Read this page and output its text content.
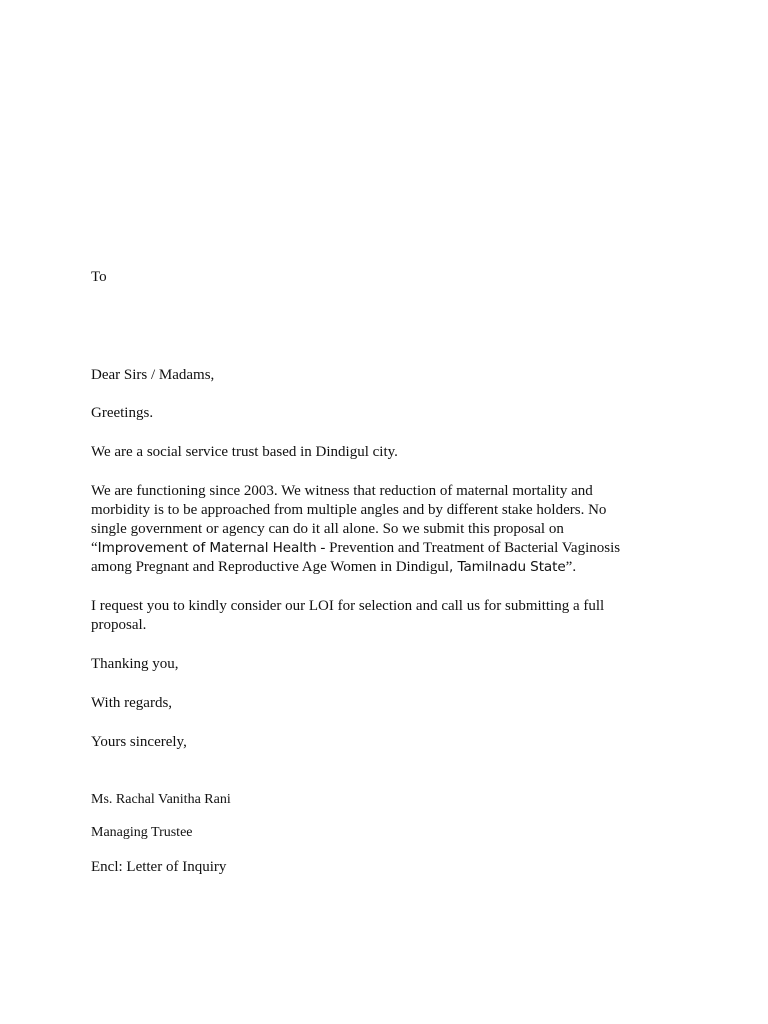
To
Dear Sirs / Madams,
Greetings.
We are a social service trust based in Dindigul city.
We are functioning since 2003. We witness that reduction of maternal mortality and
morbidity is to be approached from multiple angles and by different stake holders. No
single government or agency can do it all alone. So we submit this proposal on
“Improvement of Maternal Health - Prevention and Treatment of Bacterial Vaginosis
among Pregnant and Reproductive Age Women in Dindigul, Tamilnadu State”.
I request you to kindly consider our LOI for selection and call us for submitting a full
proposal.
Thanking you,
With regards,
Yours sincerely,
Ms. Rachal Vanitha Rani
Managing Trustee
Encl: Letter of Inquiry
